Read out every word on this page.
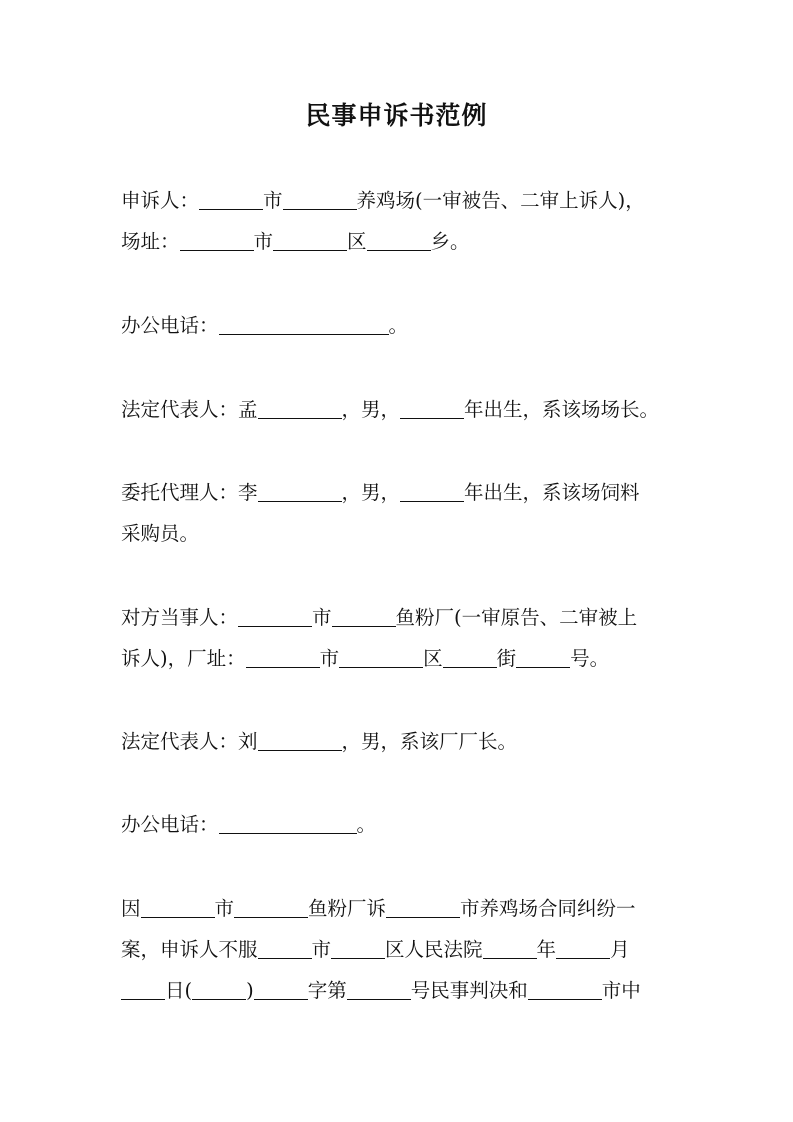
民事申诉书范例
申诉人：	市	养鸡场(一审被告、二审上诉人)，
场址：	市	区	乡。
办公电话：	。
法定代表人：孟	，男，	年出生，系该场场长。
委托代理人：李	，男，	年出生，系该场饲料
采购员。
对方当事人：	市	鱼粉厂(一审原告、二审被上
诉人)，厂址：	市	区	街	号。
法定代表人：刘	，男，系该厂厂长。
办公电话：	。
因	市	鱼粉厂诉	市养鸡场合同纠纷一
案，申诉人不服	市	区人民法院	年	月
日(	)	字第	号民事判决和	市中
